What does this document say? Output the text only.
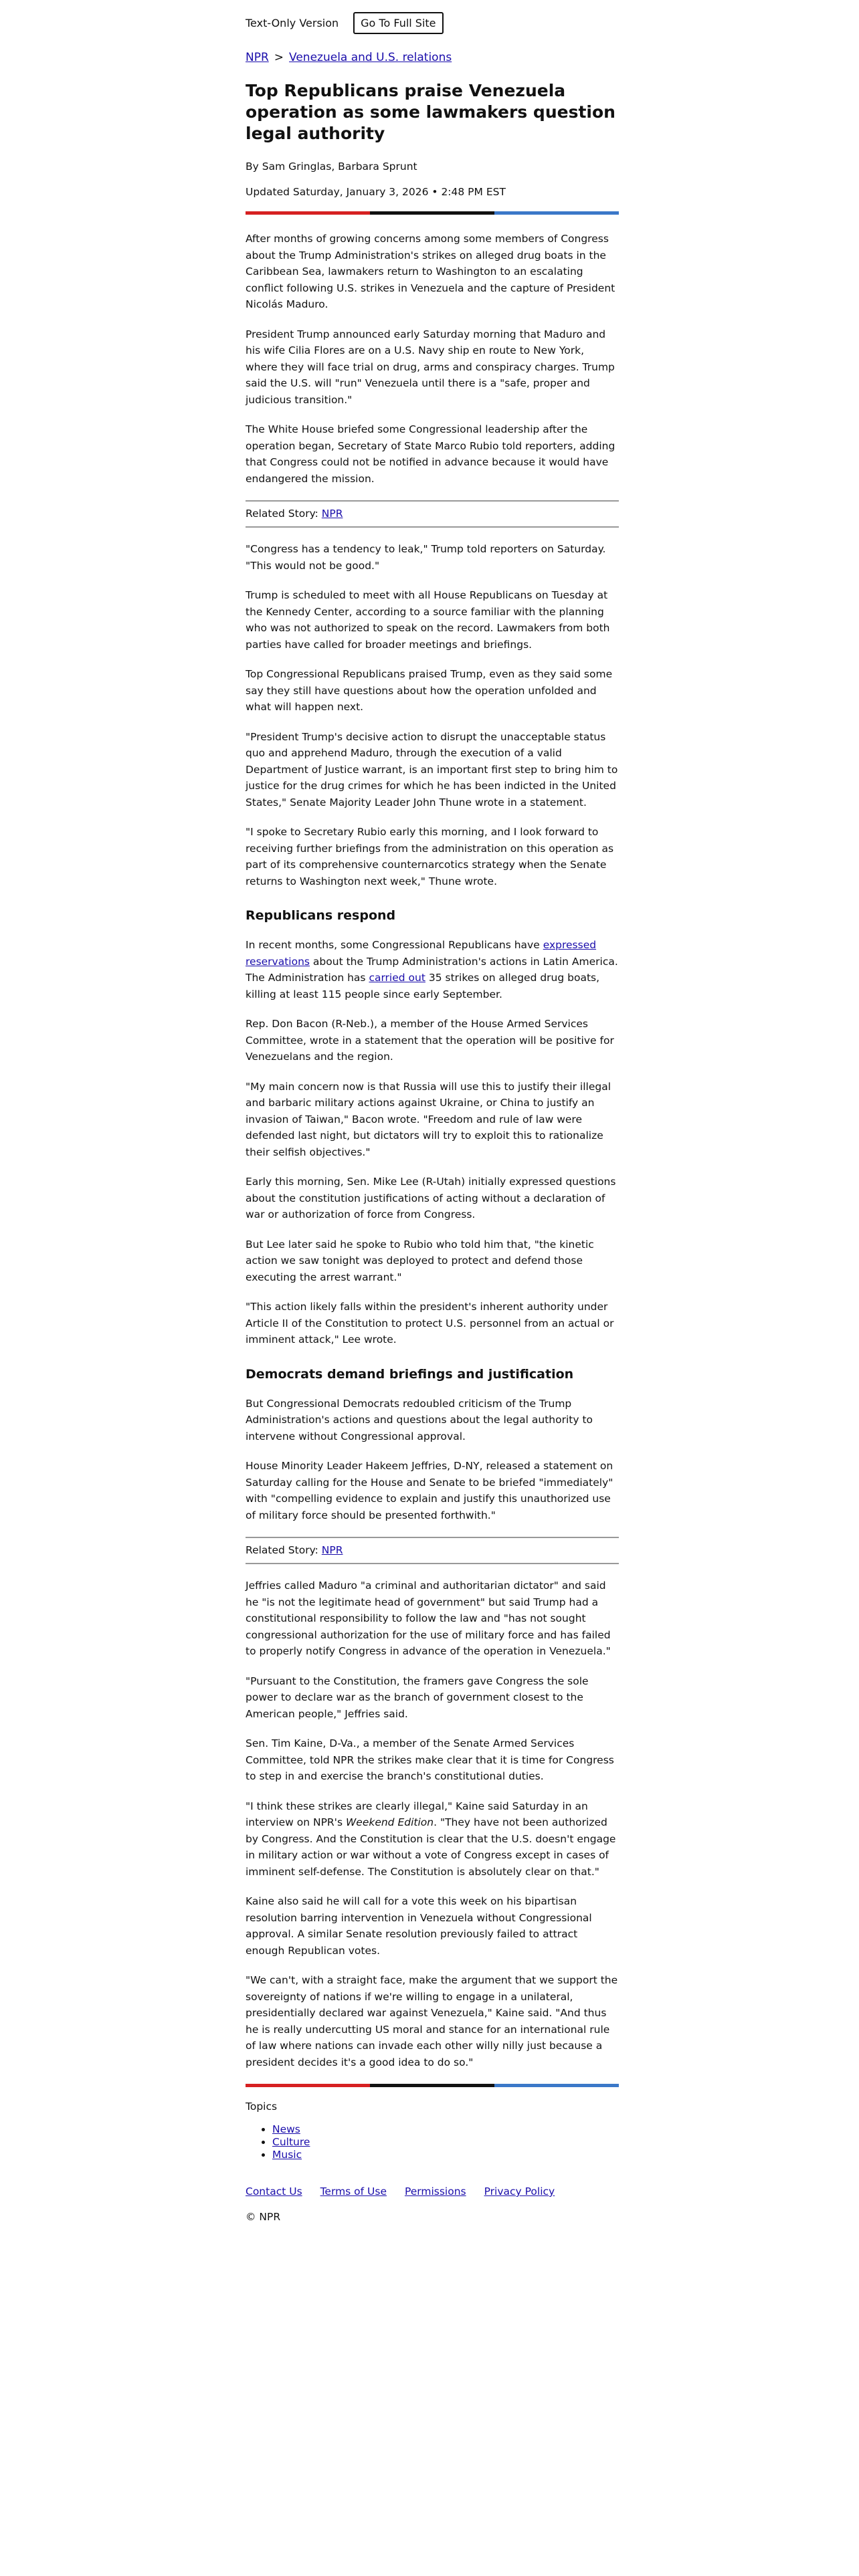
Text-Only Version	Go To Full Site
NPR > Venezuela and U.S. relations
Top Republicans praise Venezuela operation as some lawmakers question legal authority
By Sam Gringlas, Barbara Sprunt
Updated Saturday, January 3, 2026 • 2:48 PM EST

After months of growing concerns among some members of Congress about the Trump Administration's strikes on alleged drug boats in the Caribbean Sea, lawmakers return to Washington to an escalating conflict following U.S. strikes in Venezuela and the capture of President Nicolás Maduro.

President Trump announced early Saturday morning that Maduro and his wife Cilia Flores are on a U.S. Navy ship en route to New York, where they will face trial on drug, arms and conspiracy charges. Trump said the U.S. will "run" Venezuela until there is a "safe, proper and judicious transition."

The White House briefed some Congressional leadership after the operation began, Secretary of State Marco Rubio told reporters, adding that Congress could not be notified in advance because it would have endangered the mission.

Related Story: NPR

"Congress has a tendency to leak," Trump told reporters on Saturday. "This would not be good."

Trump is scheduled to meet with all House Republicans on Tuesday at the Kennedy Center, according to a source familiar with the planning who was not authorized to speak on the record. Lawmakers from both parties have called for broader meetings and briefings.

Top Congressional Republicans praised Trump, even as they said some say they still have questions about how the operation unfolded and what will happen next.

"President Trump's decisive action to disrupt the unacceptable status quo and apprehend Maduro, through the execution of a valid Department of Justice warrant, is an important first step to bring him to justice for the drug crimes for which he has been indicted in the United States," Senate Majority Leader John Thune wrote in a statement.

"I spoke to Secretary Rubio early this morning, and I look forward to receiving further briefings from the administration on this operation as part of its comprehensive counternarcotics strategy when the Senate returns to Washington next week," Thune wrote.

Republicans respond

In recent months, some Congressional Republicans have expressed reservations about the Trump Administration's actions in Latin America. The Administration has carried out 35 strikes on alleged drug boats, killing at least 115 people since early September.

Rep. Don Bacon (R-Neb.), a member of the House Armed Services Committee, wrote in a statement that the operation will be positive for Venezuelans and the region.

"My main concern now is that Russia will use this to justify their illegal and barbaric military actions against Ukraine, or China to justify an invasion of Taiwan," Bacon wrote. "Freedom and rule of law were defended last night, but dictators will try to exploit this to rationalize their selfish objectives."

Early this morning, Sen. Mike Lee (R-Utah) initially expressed questions about the constitution justifications of acting without a declaration of war or authorization of force from Congress.

But Lee later said he spoke to Rubio who told him that, "the kinetic action we saw tonight was deployed to protect and defend those executing the arrest warrant."

"This action likely falls within the president's inherent authority under Article II of the Constitution to protect U.S. personnel from an actual or imminent attack," Lee wrote.

Democrats demand briefings and justification

But Congressional Democrats redoubled criticism of the Trump Administration's actions and questions about the legal authority to intervene without Congressional approval.

House Minority Leader Hakeem Jeffries, D-NY, released a statement on Saturday calling for the House and Senate to be briefed "immediately" with "compelling evidence to explain and justify this unauthorized use of military force should be presented forthwith."

Related Story: NPR

Jeffries called Maduro "a criminal and authoritarian dictator" and said he "is not the legitimate head of government" but said Trump had a constitutional responsibility to follow the law and "has not sought congressional authorization for the use of military force and has failed to properly notify Congress in advance of the operation in Venezuela."

"Pursuant to the Constitution, the framers gave Congress the sole power to declare war as the branch of government closest to the American people," Jeffries said.

Sen. Tim Kaine, D-Va., a member of the Senate Armed Services Committee, told NPR the strikes make clear that it is time for Congress to step in and exercise the branch's constitutional duties.

"I think these strikes are clearly illegal," Kaine said Saturday in an interview on NPR's Weekend Edition. "They have not been authorized by Congress. And the Constitution is clear that the U.S. doesn't engage in military action or war without a vote of Congress except in cases of imminent self-defense. The Constitution is absolutely clear on that."

Kaine also said he will call for a vote this week on his bipartisan resolution barring intervention in Venezuela without Congressional approval. A similar Senate resolution previously failed to attract enough Republican votes.

"We can't, with a straight face, make the argument that we support the sovereignty of nations if we're willing to engage in a unilateral, presidentially declared war against Venezuela," Kaine said. "And thus he is really undercutting US moral and stance for an international rule of law where nations can invade each other willy nilly just because a president decides it's a good idea to do so."

Topics
• News
• Culture
• Music
Contact Us Terms of Use Permissions Privacy Policy
© NPR
